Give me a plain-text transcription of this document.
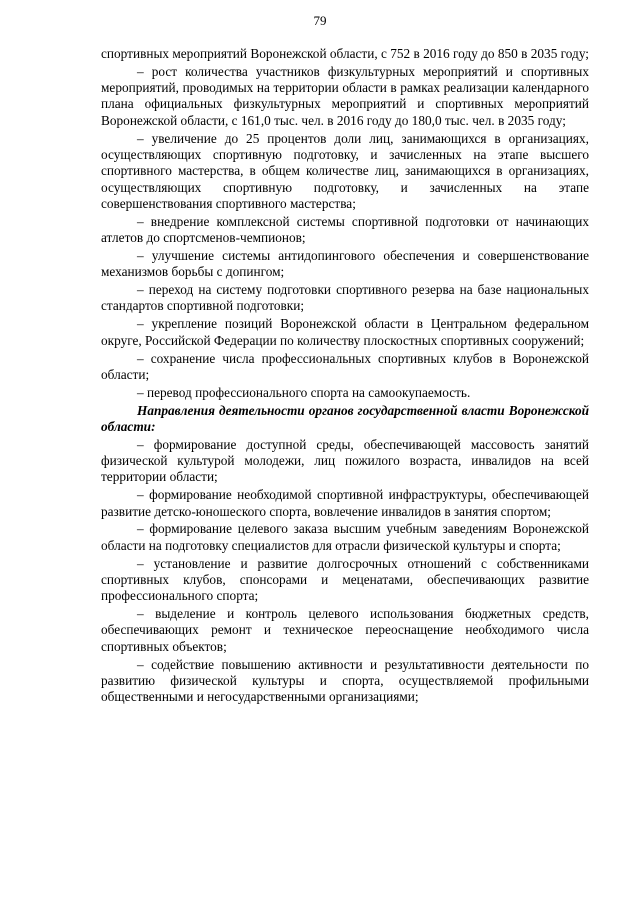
79

спортивных мероприятий Воронежской области, с 752 в 2016 году до 850 в 2035 году;

– рост количества участников физкультурных мероприятий и спортивных мероприятий, проводимых на территории области в рамках реализации календарного плана официальных физкультурных мероприятий и спортивных мероприятий Воронежской области, с 161,0 тыс. чел. в 2016 году до 180,0 тыс. чел. в 2035 году;

– увеличение до 25 процентов доли лиц, занимающихся в организациях, осуществляющих спортивную подготовку, и зачисленных на этапе высшего спортивного мастерства, в общем количестве лиц, занимающихся в организациях, осуществляющих спортивную подготовку, и зачисленных на этапе совершенствования спортивного мастерства;

– внедрение комплексной системы спортивной подготовки от начинающих атлетов до спортсменов-чемпионов;

– улучшение системы антидопингового обеспечения и совершенствование механизмов борьбы с допингом;

– переход на систему подготовки спортивного резерва на базе национальных стандартов спортивной подготовки;

– укрепление позиций Воронежской области в Центральном федеральном округе, Российской Федерации по количеству плоскостных спортивных сооружений;

– сохранение числа профессиональных спортивных клубов в Воронежской области;

– перевод профессионального спорта на самоокупаемость.

Направления деятельности органов государственной власти Воронежской области:

– формирование доступной среды, обеспечивающей массовость занятий физической культурой молодежи, лиц пожилого возраста, инвалидов на всей территории области;

– формирование необходимой спортивной инфраструктуры, обеспечивающей развитие детско-юношеского спорта, вовлечение инвалидов в занятия спортом;

– формирование целевого заказа высшим учебным заведениям Воронежской области на подготовку специалистов для отрасли физической культуры и спорта;

– установление и развитие долгосрочных отношений с собственниками спортивных клубов, спонсорами и меценатами, обеспечивающих развитие профессионального спорта;

– выделение и контроль целевого использования бюджетных средств, обеспечивающих ремонт и техническое переоснащение необходимого числа спортивных объектов;

– содействие повышению активности и результативности деятельности по развитию физической культуры и спорта, осуществляемой профильными общественными и негосударственными организациями;
